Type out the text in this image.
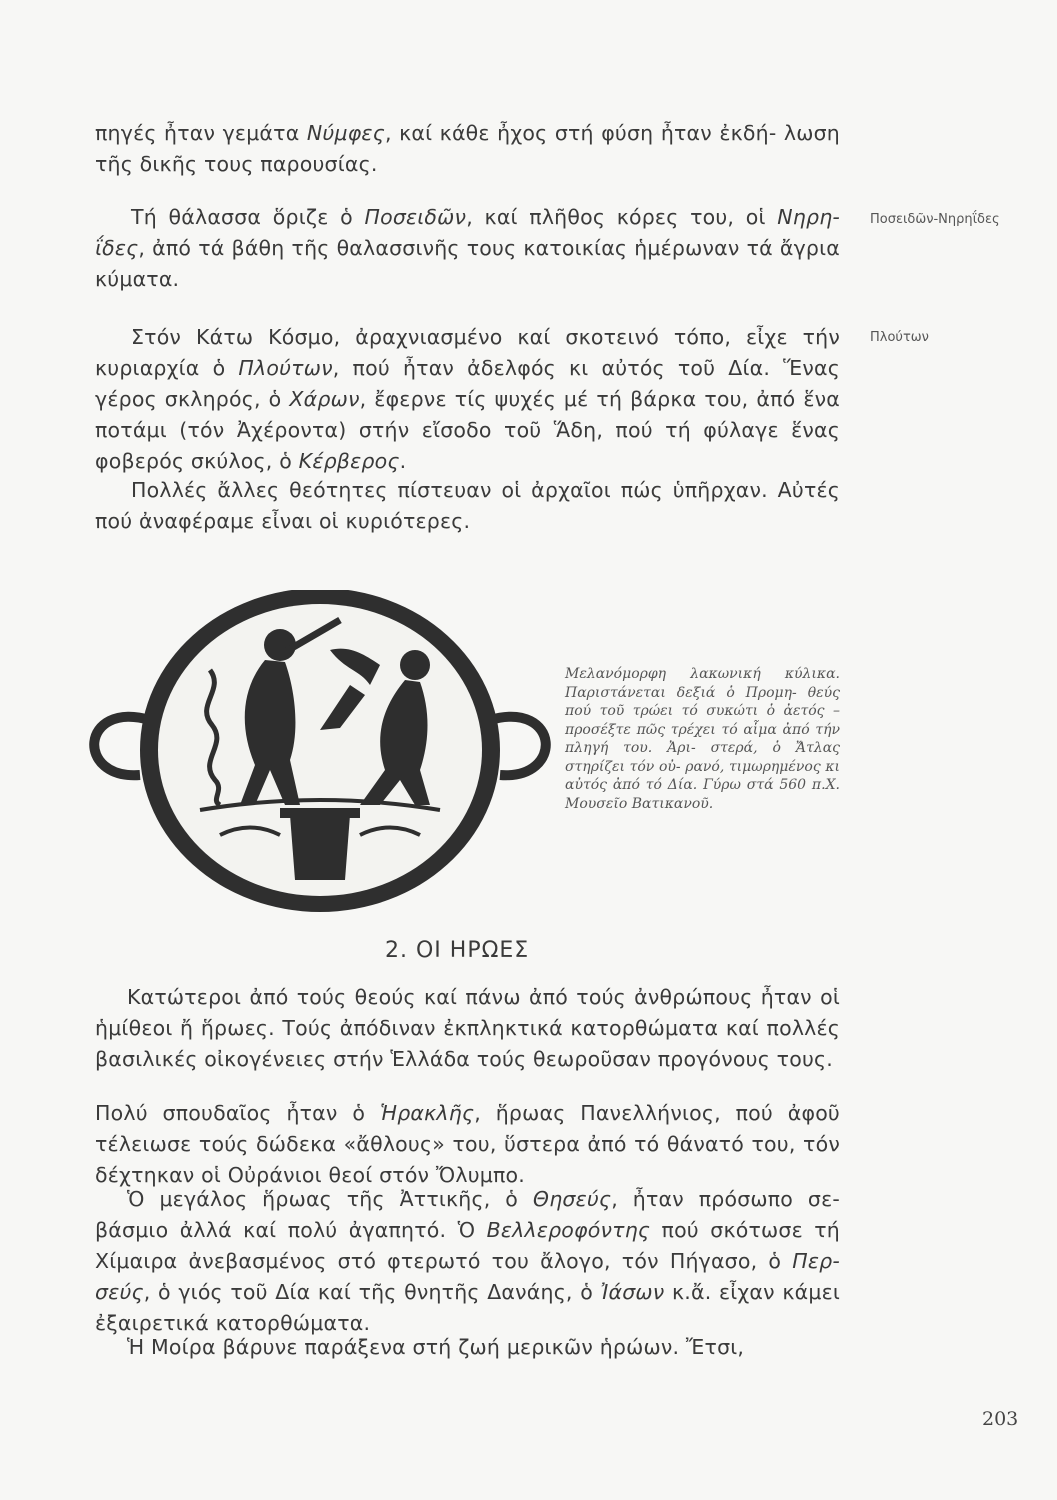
πηγές ἦταν γεμάτα Νύμφες, καί κάθε ἦχος στή φύση ἦταν ἐκδή- λωση τῆς δικῆς τους παρουσίας.

Τή θάλασσα ὅριζε ὁ Ποσειδῶν, καί πλῆθος κόρες του, οἱ Νηρη- ΐδες, ἀπό τά βάθη τῆς θαλασσινῆς τους κατοικίας ἡμέρωναν τά ἄγρια κύματα.

Ποσειδῶν-Νηρηΐδες

Στόν Κάτω Κόσμο, ἀραχνιασμένο καί σκοτεινό τόπο, εἶχε τήν κυριαρχία ὁ Πλούτων, πού ἦταν ἀδελφός κι αὐτός τοῦ Δία. Ἕνας γέρος σκληρός, ὁ Χάρων, ἔφερνε τίς ψυχές μέ τή βάρκα του, ἀπό ἕνα ποτάμι (τόν Ἀχέροντα) στήν εἴσοδο τοῦ Ἅδη, πού τή φύλαγε ἕνας φοβερός σκύλος, ὁ Κέρβερος.

Πλούτων

Πολλές ἄλλες θεότητες πίστευαν οἱ ἀρχαῖοι πώς ὑπῆρχαν. Αὐτές πού ἀναφέραμε εἶναι οἱ κυριότερες.

Μελανόμορφη λακωνική κύλικα. Παριστάνεται δεξιά ὁ Προμη- θεύς πού τοῦ τρώει τό συκώτι ὁ ἀετός – προσέξτε πῶς τρέχει τό αἷμα ἀπό τήν πληγή του. Ἀρι- στερά, ὁ Ἄτλας στηρίζει τόν οὐ- ρανό, τιμωρημένος κι αὐτός ἀπό τό Δία. Γύρω στά 560 π.Χ. Μουσεῖο Βατικανοῦ.

2. ΟΙ ΗΡΩΕΣ

Κατώτεροι ἀπό τούς θεούς καί πάνω ἀπό τούς ἀνθρώπους ἦταν οἱ ἡμίθεοι ἤ ἥρωες. Τούς ἀπόδιναν ἐκπληκτικά κατορθώματα καί πολλές βασιλικές οἰκογένειες στήν Ἑλλάδα τούς θεωροῦσαν προγόνους τους.

Πολύ σπουδαῖος ἦταν ὁ Ἡρακλῆς, ἥρωας Πανελλήνιος, πού ἀφοῦ τέλειωσε τούς δώδεκα «ἄθλους» του, ὕστερα ἀπό τό θάνατό του, τόν δέχτηκαν οἱ Οὐράνιοι θεοί στόν Ὄλυμπο.

Ὁ μεγάλος ἥρωας τῆς Ἀττικῆς, ὁ Θησεύς, ἦταν πρόσωπο σε- βάσμιο ἀλλά καί πολύ ἀγαπητό. Ὁ Βελλεροφόντης πού σκότωσε τή Χίμαιρα ἀνεβασμένος στό φτερωτό του ἄλογο, τόν Πήγασο, ὁ Περ- σεύς, ὁ γιός τοῦ Δία καί τῆς θνητῆς Δανάης, ὁ Ἰάσων κ.ἄ. εἶχαν κάμει ἐξαιρετικά κατορθώματα.

Ἡ Μοίρα βάρυνε παράξενα στή ζωή μερικῶν ἡρώων. Ἔτσι,

203
